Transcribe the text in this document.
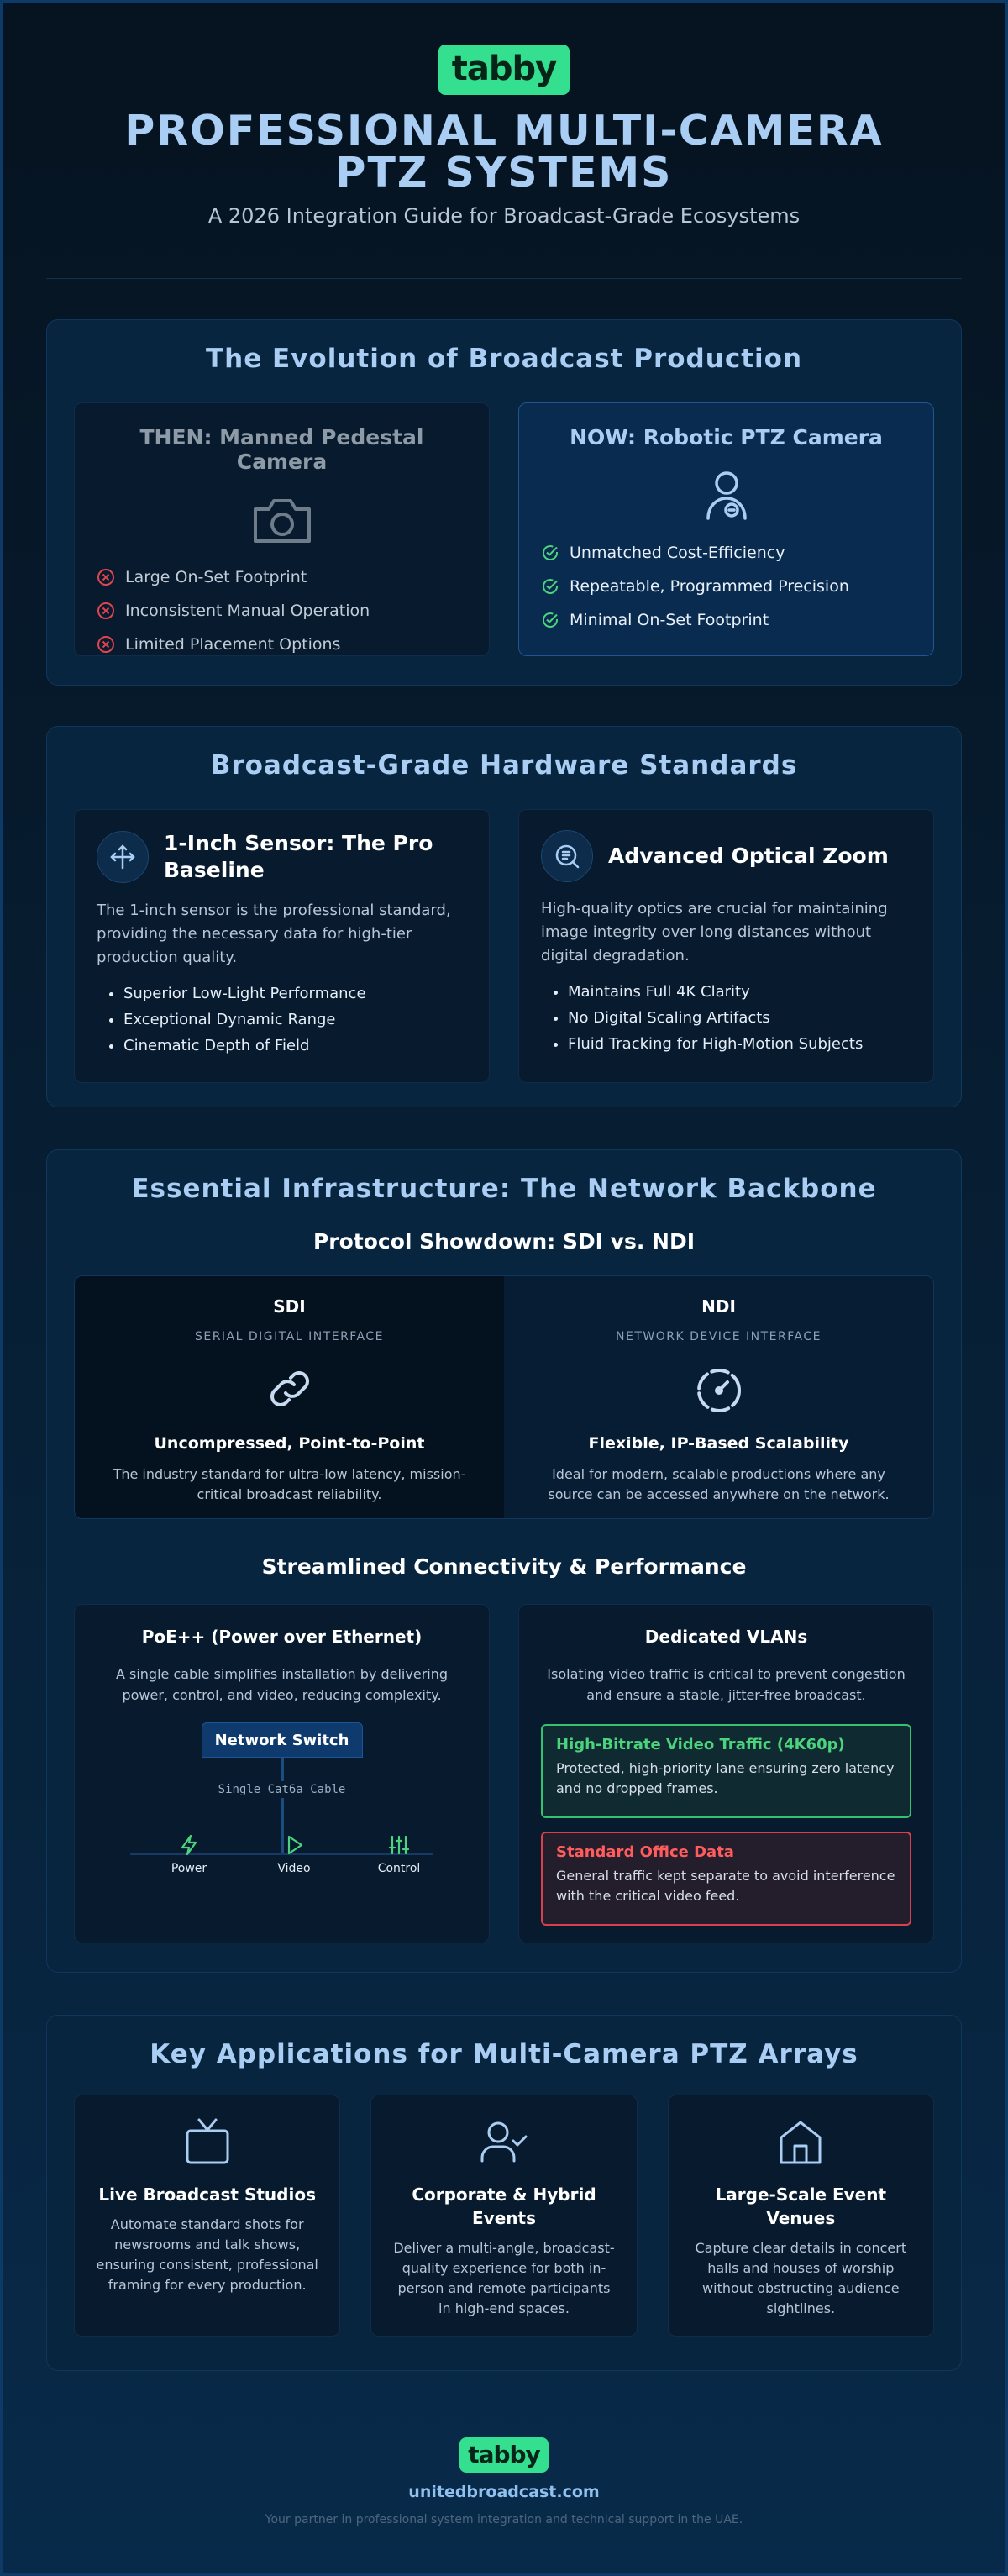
tabby
PROFESSIONAL MULTI-CAMERA PTZ SYSTEMS

A 2026 Integration Guide for Broadcast-Grade Ecosystems

The Evolution of Broadcast Production
THEN: Manned Pedestal Camera
Large On-Set Footprint
Inconsistent Manual Operation
Limited Placement Options
NOW: Robotic PTZ Camera
Unmatched Cost-Efficiency
Repeatable, Programmed Precision
Minimal On-Set Footprint
Broadcast-Grade Hardware Standards
1-Inch Sensor: The Pro Baseline

The 1-inch sensor is the professional standard, providing the necessary data for high-tier production quality.

• Superior Low-Light Performance
• Exceptional Dynamic Range
• Cinematic Depth of Field
Advanced Optical Zoom

High-quality optics are crucial for maintaining image integrity over long distances without digital degradation.

• Maintains Full 4K Clarity
• No Digital Scaling Artifacts
• Fluid Tracking for High-Motion Subjects
Essential Infrastructure: The Network Backbone
Protocol Showdown: SDI vs. NDI
SDI
SERIAL DIGITAL INTERFACE
Uncompressed, Point-to-Point

The industry standard for ultra-low latency, mission-critical broadcast reliability.

NDI
NETWORK DEVICE INTERFACE
Flexible, IP-Based Scalability

Ideal for modern, scalable productions where any source can be accessed anywhere on the network.

Streamlined Connectivity & Performance
PoE++ (Power over Ethernet)

A single cable simplifies installation by delivering power, control, and video, reducing complexity.

Network Switch
Single Cat6a Cable
Power	Video	Control
Dedicated VLANs

Isolating video traffic is critical to prevent congestion and ensure a stable, jitter-free broadcast.

High-Bitrate Video Traffic (4K60p)
Protected, high-priority lane ensuring zero latency and no dropped frames.
Standard Office Data
General traffic kept separate to avoid interference with the critical video feed.
Key Applications for Multi-Camera PTZ Arrays
Live Broadcast Studios

Automate standard shots for newsrooms and talk shows, ensuring consistent, professional framing for every production.

Corporate & Hybrid Events

Deliver a multi-angle, broadcast-quality experience for both in-person and remote participants in high-end spaces.

Large-Scale Event Venues

Capture clear details in concert halls and houses of worship without obstructing audience sightlines.

tabby
unitedbroadcast.com
Your partner in professional system integration and technical support in the UAE.
